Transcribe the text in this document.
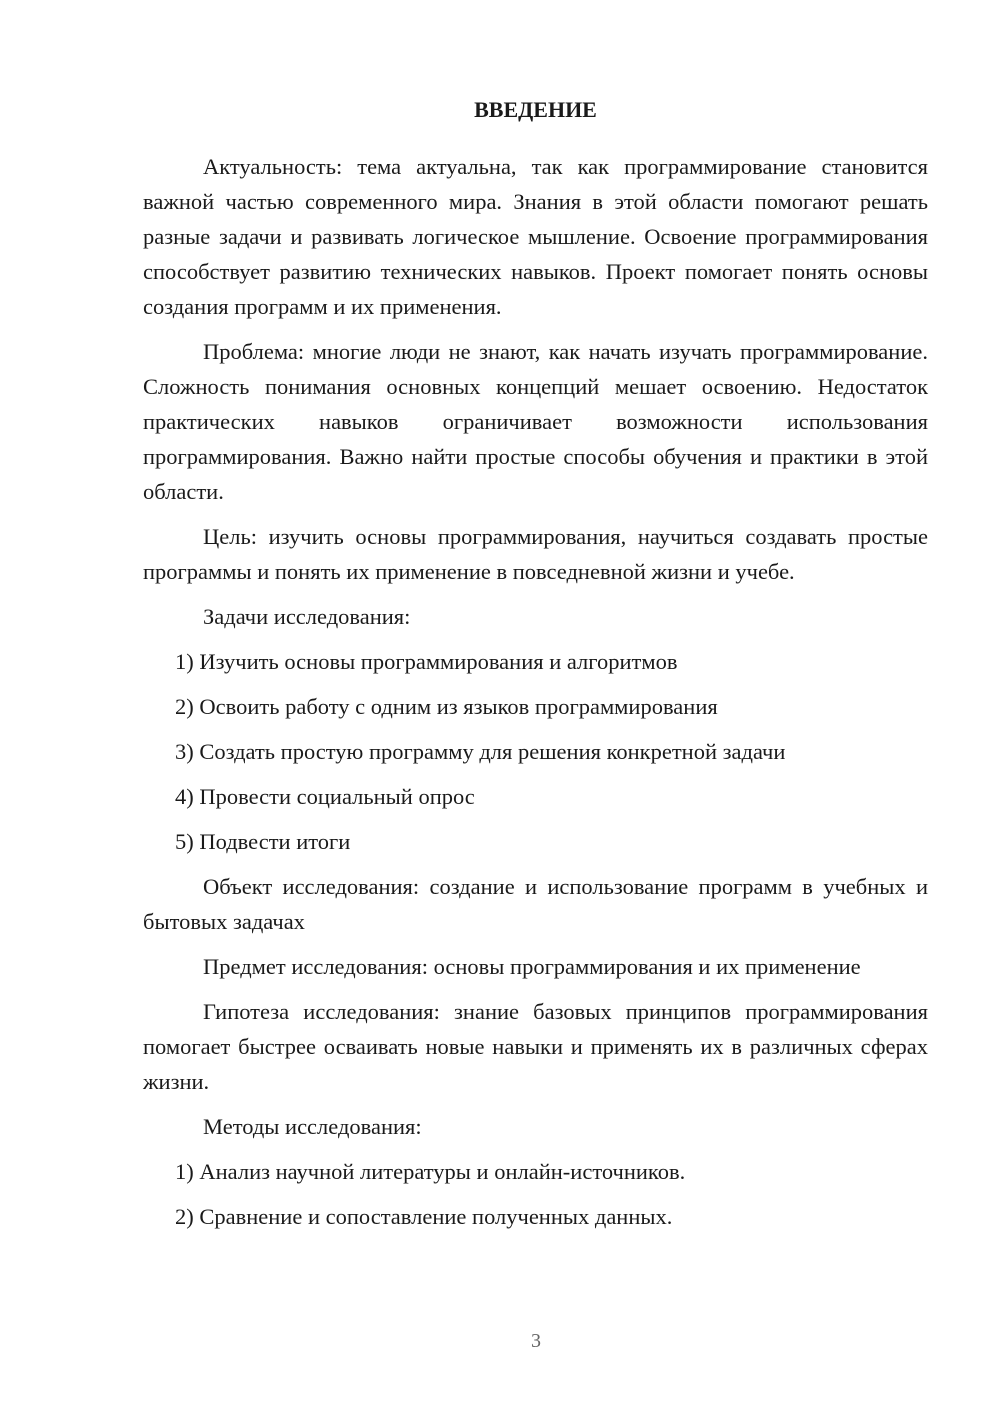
ВВЕДЕНИЕ

Актуальность: тема актуальна, так как программирование становится важной частью современного мира. Знания в этой области помогают решать разные задачи и развивать логическое мышление. Освоение программирования способствует развитию технических навыков. Проект помогает понять основы создания программ и их применения.

Проблема: многие люди не знают, как начать изучать программирование. Сложность понимания основных концепций мешает освоению. Недостаток практических навыков ограничивает возможности использования программирования. Важно найти простые способы обучения и практики в этой области.

Цель: изучить основы программирования, научиться создавать простые программы и понять их применение в повседневной жизни и учебе.

Задачи исследования:

1) Изучить основы программирования и алгоритмов
2) Освоить работу с одним из языков программирования
3) Создать простую программу для решения конкретной задачи
4) Провести социальный опрос
5) Подвести итоги

Объект исследования: создание и использование программ в учебных и бытовых задачах

Предмет исследования: основы программирования и их применение

Гипотеза исследования: знание базовых принципов программирования помогает быстрее осваивать новые навыки и применять их в различных сферах жизни.

Методы исследования:

1) Анализ научной литературы и онлайн-источников.
2) Сравнение и сопоставление полученных данных.
3
